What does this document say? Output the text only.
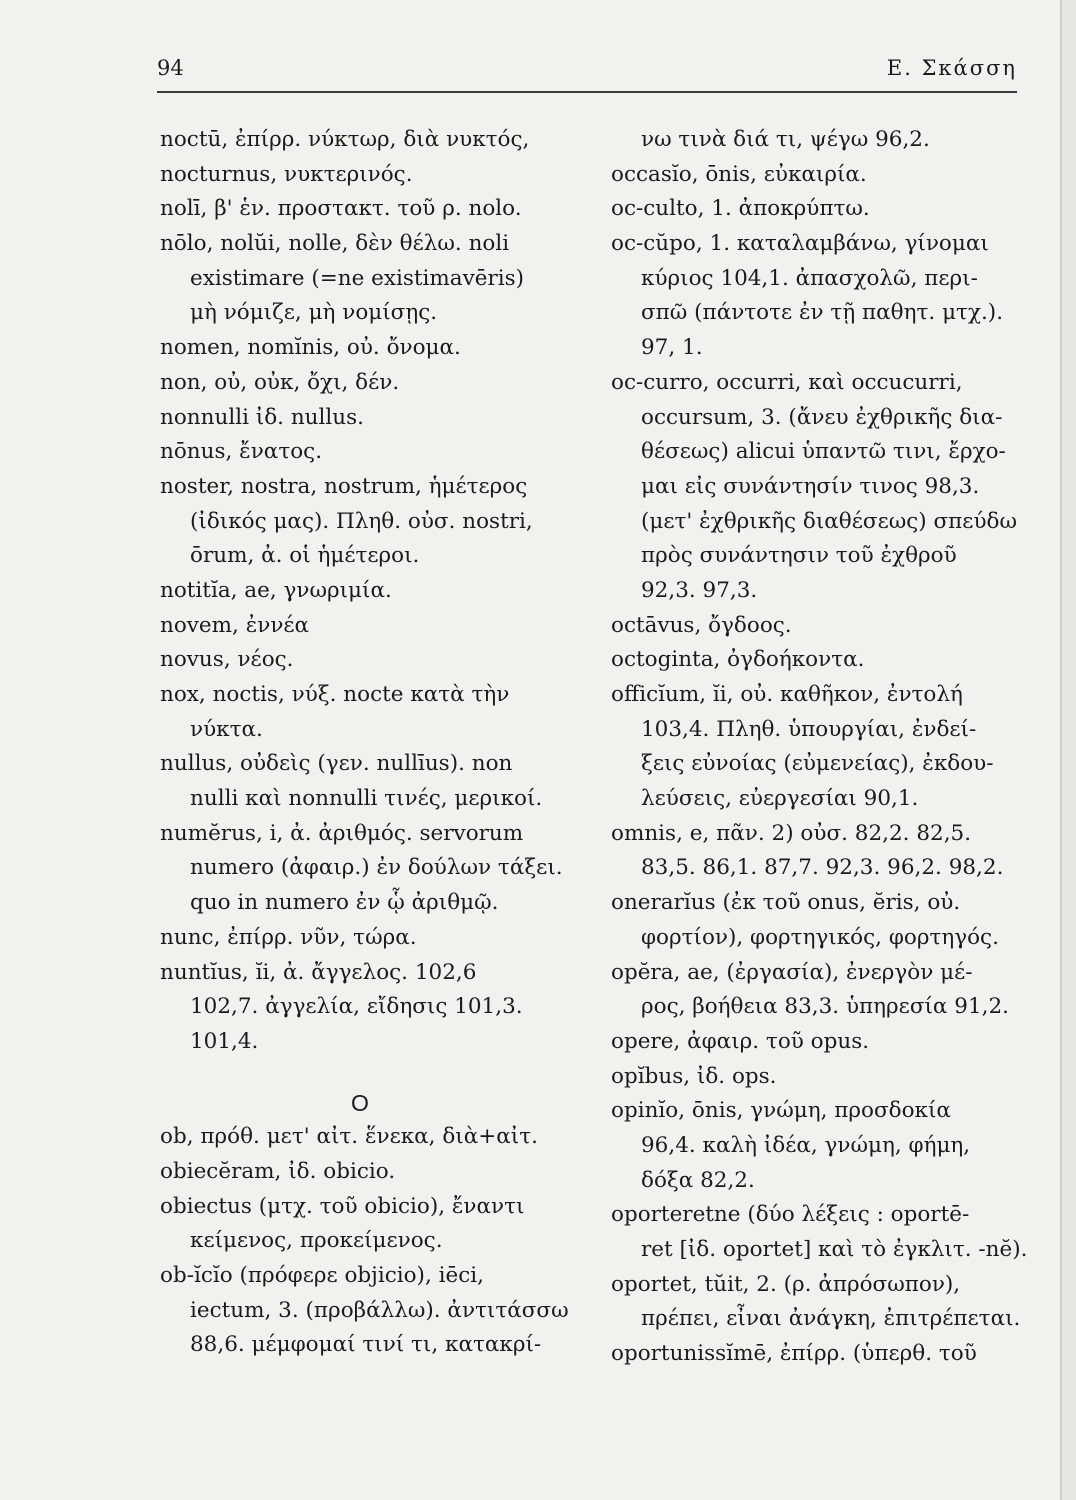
94	Ε. Σκάσση
noctū, ἐπίρρ. νύκτωρ, διὰ νυκτός,
nocturnus, νυκτερινός.
nolī, β' ἑν. προστακτ. τοῦ ρ. nolo.
nōlo, nolŭi, nolle, δὲν θέλω. noli
existimare (=ne existimavēris)
μὴ νόμιζε, μὴ νομίσῃς.
nomen, nomĭnis, οὐ. ὄνομα.
non, οὐ, οὐκ, ὄχι, δέν.
nonnulli ἰδ. nullus.
nōnus, ἔνατος.
noster, nostra, nostrum, ἡμέτερος
(ἰδικός μας). Πληθ. οὐσ. nostri,
ōrum, ἀ. οἱ ἡμέτεροι.
notitĭa, ae, γνωριμία.
novem, ἐννέα
novus, νέος.
nox, noctis, νύξ. nocte κατὰ τὴν
νύκτα.
nullus, οὐδεὶς (γεν. nullīus). non
nulli καὶ nonnulli τινές, μερικοί.
numĕrus, i, ἀ. ἀριθμός. servorum
numero (ἀφαιρ.) ἐν δούλων τάξει.
quo in numero ἐν ᾧ ἀριθμῷ.
nunc, ἐπίρρ. νῦν, τώρα.
nuntĭus, ĭi, ἀ. ἄγγελος. 102,6
102,7. ἀγγελία, εἴδησις 101,3.
101,4.
O
ob, πρόθ. μετ' αἰτ. ἕνεκα, διὰ+αἰτ.
obiecĕram, ἰδ. obicio.
obiectus (μτχ. τοῦ obicio), ἔναντι
κείμενος, προκείμενος.
ob-ĭcĭo (πρόφερε objicio), iēci,
iectum, 3. (προβάλλω). ἀντιτάσσω
88,6. μέμφομαί τινί τι, κατακρί-
νω τινὰ διά τι, ψέγω 96,2.
occasĭo, ōnis, εὐκαιρία.
oc-culto, 1. ἀποκρύπτω.
oc-cŭpo, 1. καταλαμβάνω, γίνομαι
κύριος 104,1. ἀπασχολῶ, περι-
σπῶ (πάντοτε ἐν τῇ παθητ. μτχ.).
97, 1.
oc-curro, occurri, καὶ occucurri,
occursum, 3. (ἄνευ ἐχθρικῆς δια-
θέσεως) alicui ὑπαντῶ τινι, ἔρχο-
μαι εἰς συνάντησίν τινος 98,3.
(μετ' ἐχθρικῆς διαθέσεως) σπεύδω
πρὸς συνάντησιν τοῦ ἐχθροῦ
92,3. 97,3.
octāvus, ὄγδοος.
octoginta, ὀγδοήκοντα.
officĭum, ĭi, οὐ. καθῆκον, ἐντολή
103,4. Πληθ. ὑπουργίαι, ἐνδεί-
ξεις εὐνοίας (εὐμενείας), ἐκδου-
λεύσεις, εὐεργεσίαι 90,1.
omnis, e, πᾶν. 2) οὐσ. 82,2. 82,5.
83,5. 86,1. 87,7. 92,3. 96,2. 98,2.
onerarĭus (ἐκ τοῦ onus, ĕris, οὐ.
φορτίον), φορτηγικός, φορτηγός.
opĕra, ae, (ἐργασία), ἐνεργὸν μέ-
ρος, βοήθεια 83,3. ὑπηρεσία 91,2.
opere, ἀφαιρ. τοῦ opus.
opĭbus, ἰδ. ops.
opinĭo, ōnis, γνώμη, προσδοκία
96,4. καλὴ ἰδέα, γνώμη, φήμη,
δόξα 82,2.
oporteretne (δύο λέξεις : oportē-
ret [ἰδ. oportet] καὶ τὸ ἐγκλιτ. -nĕ).
oportet, tŭit, 2. (ρ. ἀπρόσωπον),
πρέπει, εἶναι ἀνάγκη, ἐπιτρέπεται.
oportunissĭmē, ἐπίρρ. (ὑπερθ. τοῦ
